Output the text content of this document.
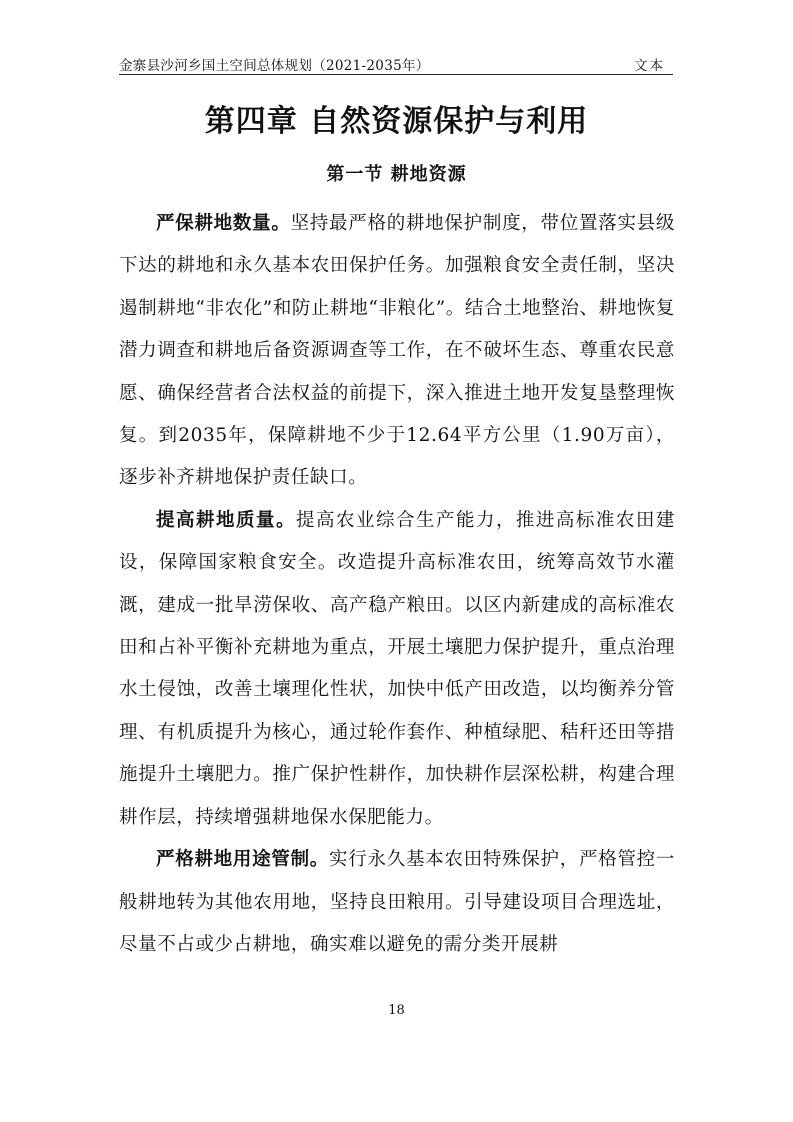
金寨县沙河乡国土空间总体规划（2021-2035年）	文本
第四章 自然资源保护与利用
第一节 耕地资源

严保耕地数量。坚持最严格的耕地保护制度，带位置落实县级下达的耕地和永久基本农田保护任务。加强粮食安全责任制，坚决遏制耕地“非农化”和防止耕地“非粮化”。结合土地整治、耕地恢复潜力调查和耕地后备资源调查等工作，在不破坏生态、尊重农民意愿、确保经营者合法权益的前提下，深入推进土地开发复垦整理恢复。到2035年，保障耕地不少于12.64平方公里（1.90万亩），逐步补齐耕地保护责任缺口。

提高耕地质量。提高农业综合生产能力，推进高标准农田建设，保障国家粮食安全。改造提升高标准农田，统筹高效节水灌溉，建成一批旱涝保收、高产稳产粮田。以区内新建成的高标准农田和占补平衡补充耕地为重点，开展土壤肥力保护提升，重点治理水土侵蚀，改善土壤理化性状，加快中低产田改造，以均衡养分管理、有机质提升为核心，通过轮作套作、种植绿肥、秸秆还田等措施提升土壤肥力。推广保护性耕作，加快耕作层深松耕，构建合理耕作层，持续增强耕地保水保肥能力。

严格耕地用途管制。实行永久基本农田特殊保护，严格管控一般耕地转为其他农用地，坚持良田粮用。引导建设项目合理选址，尽量不占或少占耕地，确实难以避免的需分类开展耕

18
